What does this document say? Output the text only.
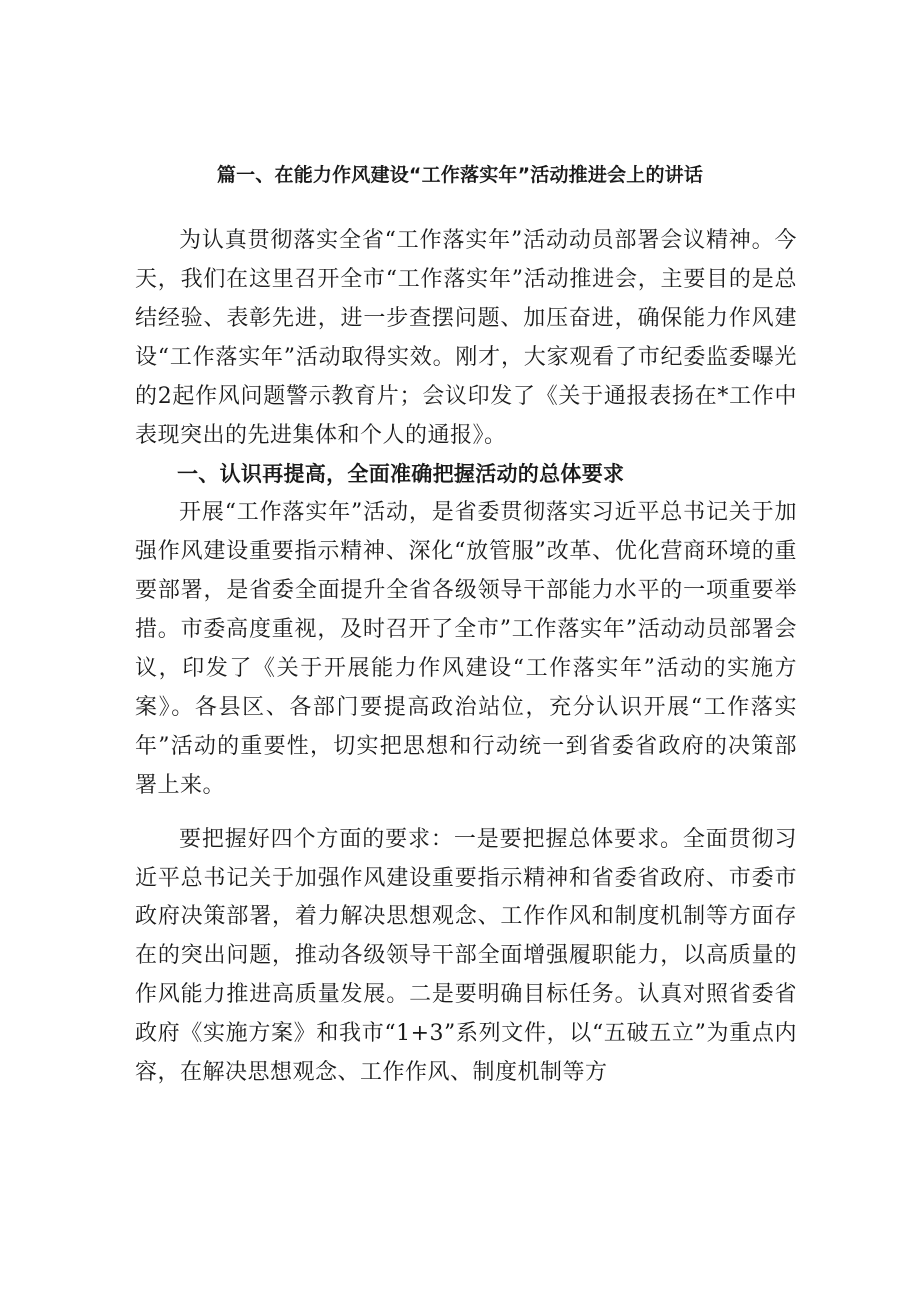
篇一、在能力作风建设“工作落实年”活动推进会上的讲话

为认真贯彻落实全省“工作落实年”活动动员部署会议精神。今天，我们在这里召开全市“工作落实年”活动推进会，主要目的是总结经验、表彰先进，进一步查摆问题、加压奋进，确保能力作风建设“工作落实年”活动取得实效。刚才，大家观看了市纪委监委曝光的2起作风问题警示教育片；会议印发了《关于通报表扬在*工作中表现突出的先进集体和个人的通报》。

一、认识再提高，全面准确把握活动的总体要求

开展“工作落实年”活动，是省委贯彻落实习近平总书记关于加强作风建设重要指示精神、深化“放管服”改革、优化营商环境的重要部署，是省委全面提升全省各级领导干部能力水平的一项重要举措。市委高度重视，及时召开了全市”工作落实年”活动动员部署会议，印发了《关于开展能力作风建设“工作落实年”活动的实施方案》。各县区、各部门要提高政治站位，充分认识开展“工作落实年”活动的重要性，切实把思想和行动统一到省委省政府的决策部署上来。

要把握好四个方面的要求：一是要把握总体要求。全面贯彻习近平总书记关于加强作风建设重要指示精神和省委省政府、市委市政府决策部署，着力解决思想观念、工作作风和制度机制等方面存在的突出问题，推动各级领导干部全面增强履职能力，以高质量的作风能力推进高质量发展。二是要明确目标任务。认真对照省委省政府《实施方案》和我市“1+3”系列文件，以“五破五立”为重点内容，在解决思想观念、工作作风、制度机制等方
